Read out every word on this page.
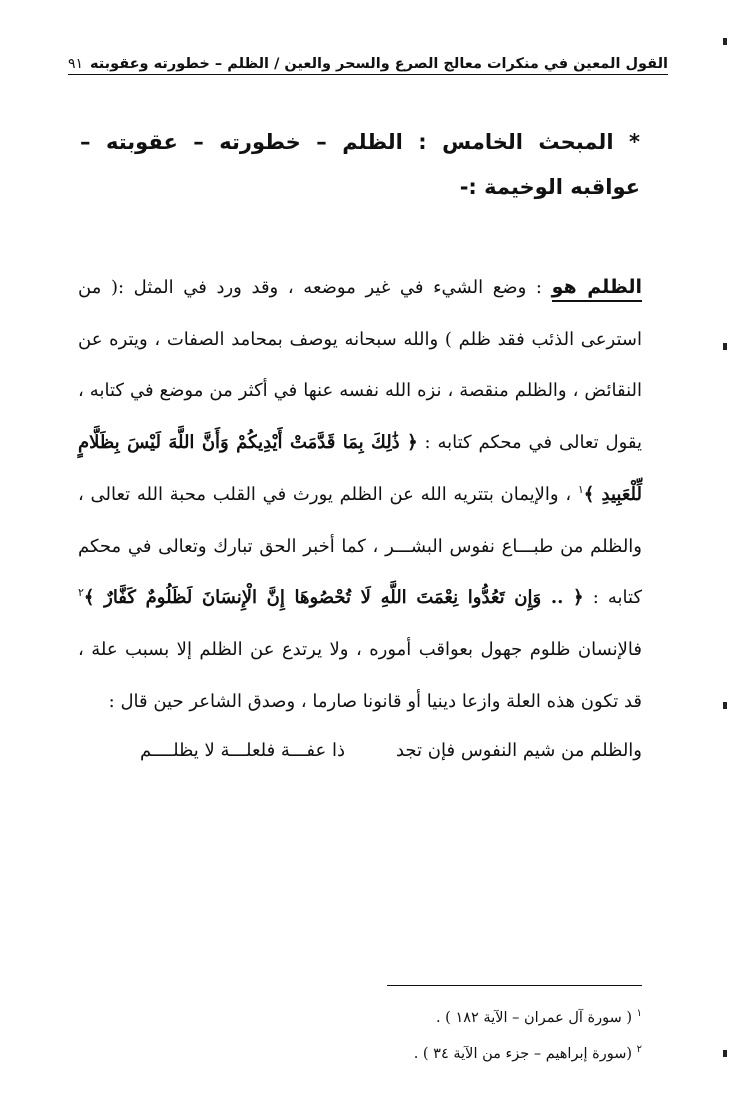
القول المعين في منكرات معالج الصرع والسحر والعين / الظلم – خطورته وعقوبته
٩١
* المبحث الخامس : الظلم – خطورته – عقوبته – عواقبه الوخيمة :-

الظلم هو : وضع الشيء في غير موضعه ، وقد ورد في المثل :( من استرعى الذئب فقد ظلم ) والله سبحانه يوصف بمحامد الصفات ، ويتره عن النقائض ، والظلم منقصة ، نزه الله نفسه عنها في أكثر من موضع في كتابه ، يقول تعالى في محكم كتابه : ﴿ ذَٰلِكَ بِمَا قَدَّمَتْ أَيْدِيكُمْ وَأَنَّ اللَّهَ لَيْسَ بِظَلَّامٍ لِّلْعَبِيدِ ﴾$^١$ ، والإيمان بتتريه الله عن الظلم يورث في القلب محبة الله تعالى ، والظلم من طبـــاع نفوس البشـــر ، كما أخبر الحق تبارك وتعالى في محكم كتابه : ﴿ .. وَإِن تَعُدُّوا نِعْمَتَ اللَّهِ لَا تُحْصُوهَا إِنَّ الْإِنسَانَ لَظَلُومٌ كَفَّارٌ ﴾$^٢$ فالإنسان ظلوم جهول بعواقب أموره ، ولا يرتدع عن الظلم إلا بسبب علة ، قد تكون هذه العلة وازعا دينيا أو قانونا صارما ، وصدق الشاعر حين قال :

والظلم من شيم النفوس فإن تجد
ذا عفـــة فلعلـــة لا يظلــــم
$^١$ ( سورة آل عمران – الآية ١٨٢ ) .
$^٢$ (سورة إبراهيم – جزء من الآية ٣٤ ) .
